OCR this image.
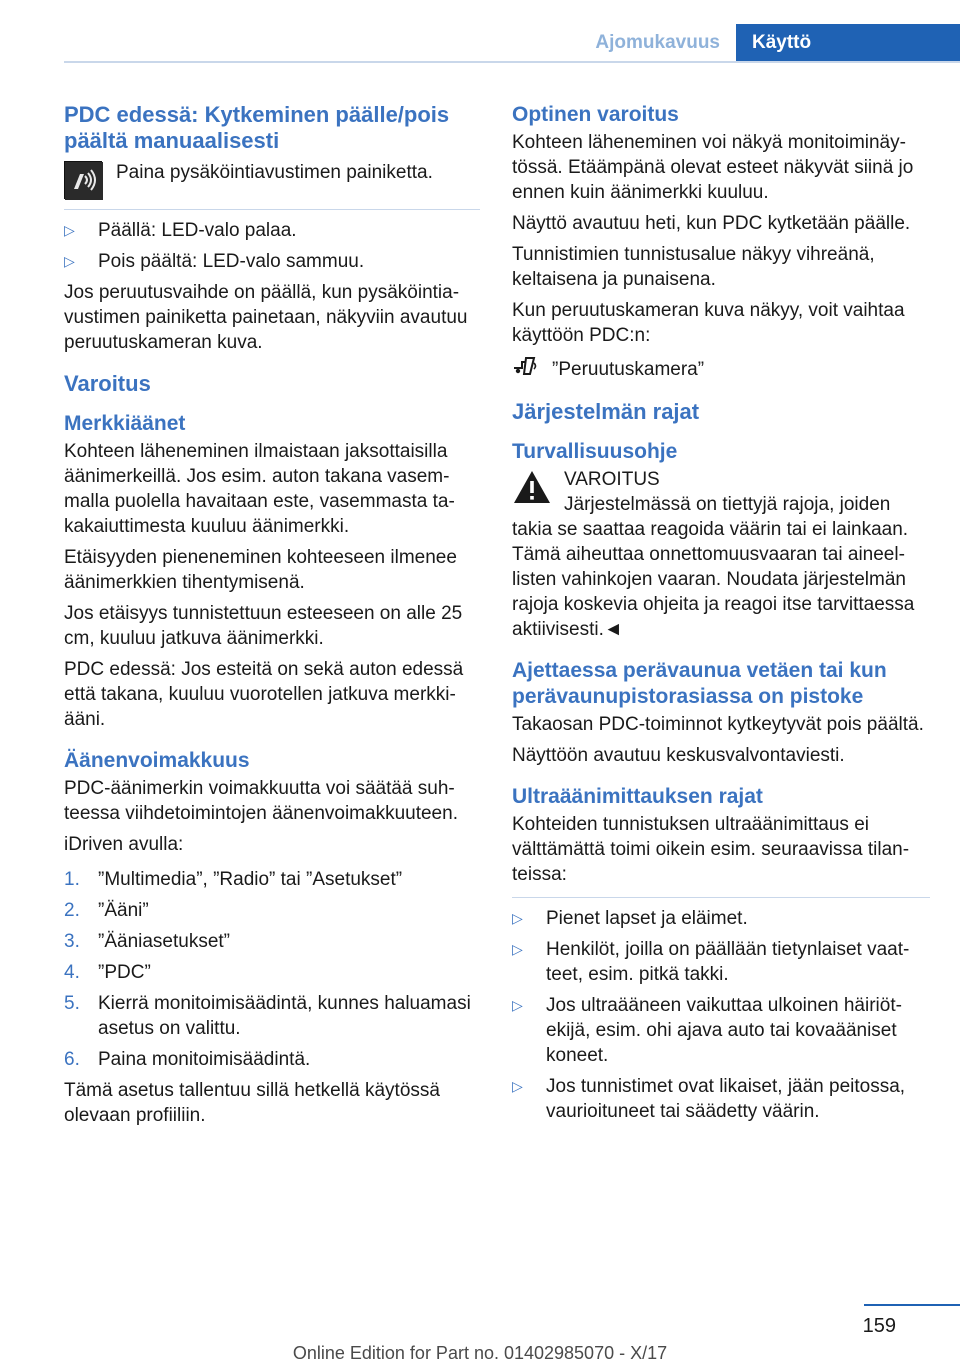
Ajomukavuus	Käyttö
PDC edessä: Kytkeminen päälle/pois päältä manuaalisesti

Paina pysäköintiavustimen painiketta.

▷	Päällä: LED-valo palaa.
▷	Pois päältä: LED-valo sammuu.

Jos peruutusvaihde on päällä, kun pysäköintiavustimen painiketta painetaan, näkyviin avautuu peruutuskameran kuva.

Varoitus
Merkkiäänet

Kohteen läheneminen ilmaistaan jaksottaisilla äänimerkeillä. Jos esim. auton takana vasemmalla puolella havaitaan este, vasemmasta takakaiuttimesta kuuluu äänimerkki.

Etäisyyden pieneneminen kohteeseen ilmenee äänimerkkien tihentymisenä.

Jos etäisyys tunnistettuun esteeseen on alle 25 cm, kuuluu jatkuva äänimerkki.

PDC edessä: Jos esteitä on sekä auton edessä että takana, kuuluu vuorotellen jatkuva merkkiääni.

Äänenvoimakkuus

PDC-äänimerkin voimakkuutta voi säätää suhteessa viihdetoimintojen äänenvoimakkuuteen.

iDriven avulla:

1. ”Multimedia”, ”Radio” tai ”Asetukset”
2. ”Ääni”
3. ”Ääniasetukset”
4. ”PDC”
5. Kierrä monitoimisäädintä, kunnes haluamasi asetus on valittu.
6. Paina monitoimisäädintä.

Tämä asetus tallentuu sillä hetkellä käytössä olevaan profiiliin.

Optinen varoitus

Kohteen läheneminen voi näkyä monitoiminäytössä. Etäämpänä olevat esteet näkyvät siinä jo ennen kuin äänimerkki kuuluu.

Näyttö avautuu heti, kun PDC kytketään päälle.

Tunnistimien tunnistusalue näkyy vihreänä, keltaisena ja punaisena.

Kun peruutuskameran kuva näkyy, voit vaihtaa käyttöön PDC:n:

”Peruutuskamera”
Järjestelmän rajat
Turvallisuusohje
VAROITUS
Järjestelmässä on tiettyjä rajoja, joiden
takia se saattaa reagoida väärin tai ei lainkaan. Tämä aiheuttaa onnettomuusvaaran tai aineellisten vahinkojen vaaran. Noudata järjestelmän rajoja koskevia ohjeita ja reagoi itse tarvittaessa aktiivisesti.◄
Ajettaessa perävaunua vetäen tai kun perävaunupistorasiassa on pistoke

Takaosan PDC-toiminnot kytkeytyvät pois päältä.

Näyttöön avautuu keskusvalvontaviesti.

Ultraäänimittauksen rajat

Kohteiden tunnistuksen ultraäänimittaus ei välttämättä toimi oikein esim. seuraavissa tilanteissa:

▷	Pienet lapset ja eläimet.
▷	Henkilöt, joilla on päällään tietynlaiset vaatteet, esim. pitkä takki.
▷	Jos ultraääneen vaikuttaa ulkoinen häiriötekijä, esim. ohi ajava auto tai kovaääniset koneet.
▷	Jos tunnistimet ovat likaiset, jään peitossa, vaurioituneet tai säädetty väärin.
159
Online Edition for Part no. 01402985070 - X/17
